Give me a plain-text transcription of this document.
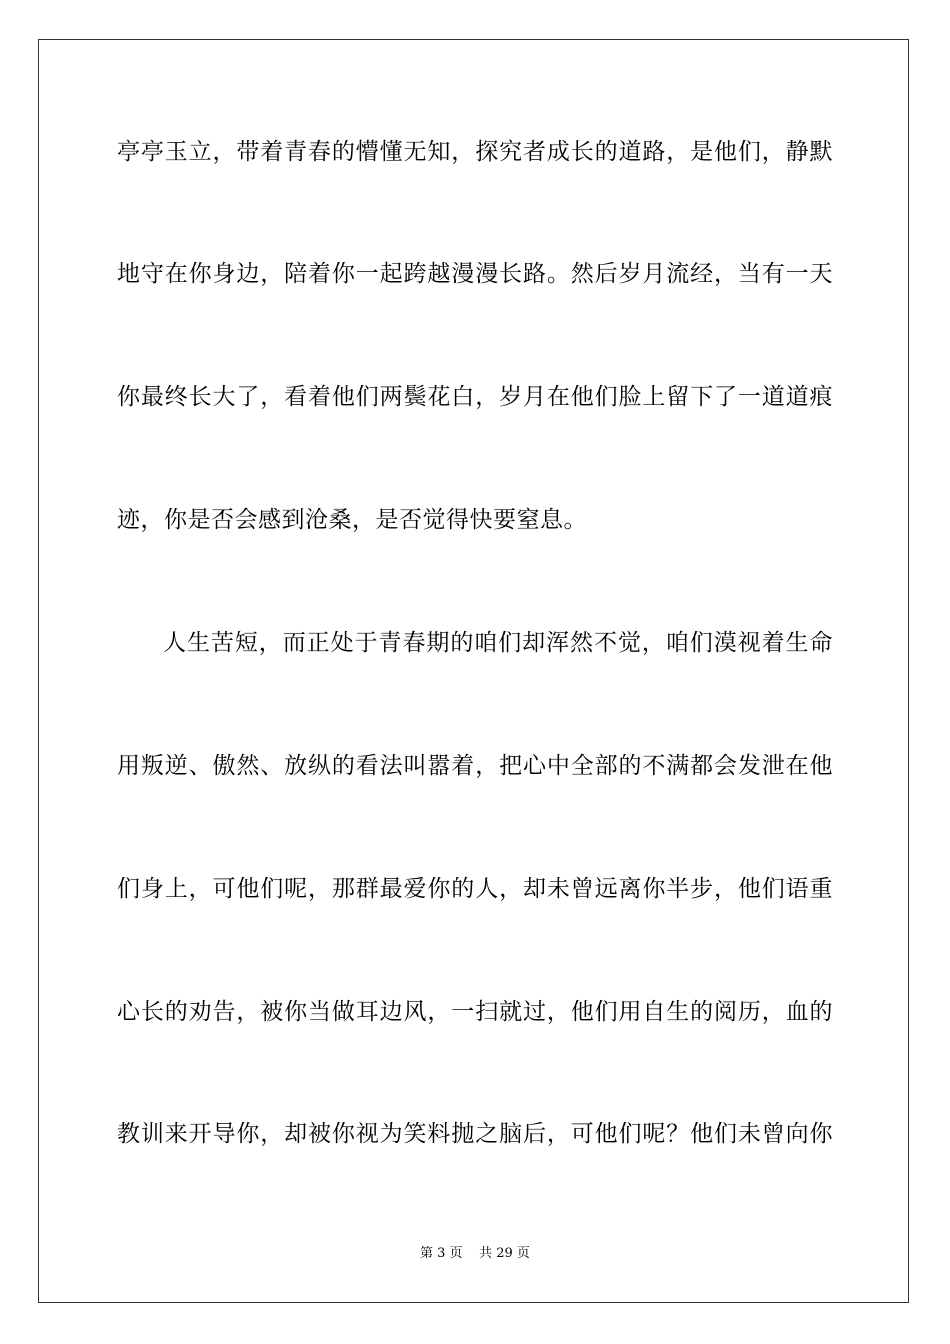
亭亭玉立，带着青春的懵懂无知，探究者成长的道路，是他们，静默
地守在你身边，陪着你一起跨越漫漫长路。然后岁月流经，当有一天
你最终长大了，看着他们两鬓花白，岁月在他们脸上留下了一道道痕
迹，你是否会感到沧桑，是否觉得快要窒息。
人生苦短，而正处于青春期的咱们却浑然不觉，咱们漠视着生命
用叛逆、傲然、放纵的看法叫嚣着，把心中全部的不满都会发泄在他
们身上，可他们呢，那群最爱你的人，却未曾远离你半步，他们语重
心长的劝告，被你当做耳边风，一扫就过，他们用自生的阅历，血的
教训来开导你，却被你视为笑料抛之脑后，可他们呢？他们未曾向你
第 3 页 共 29 页
